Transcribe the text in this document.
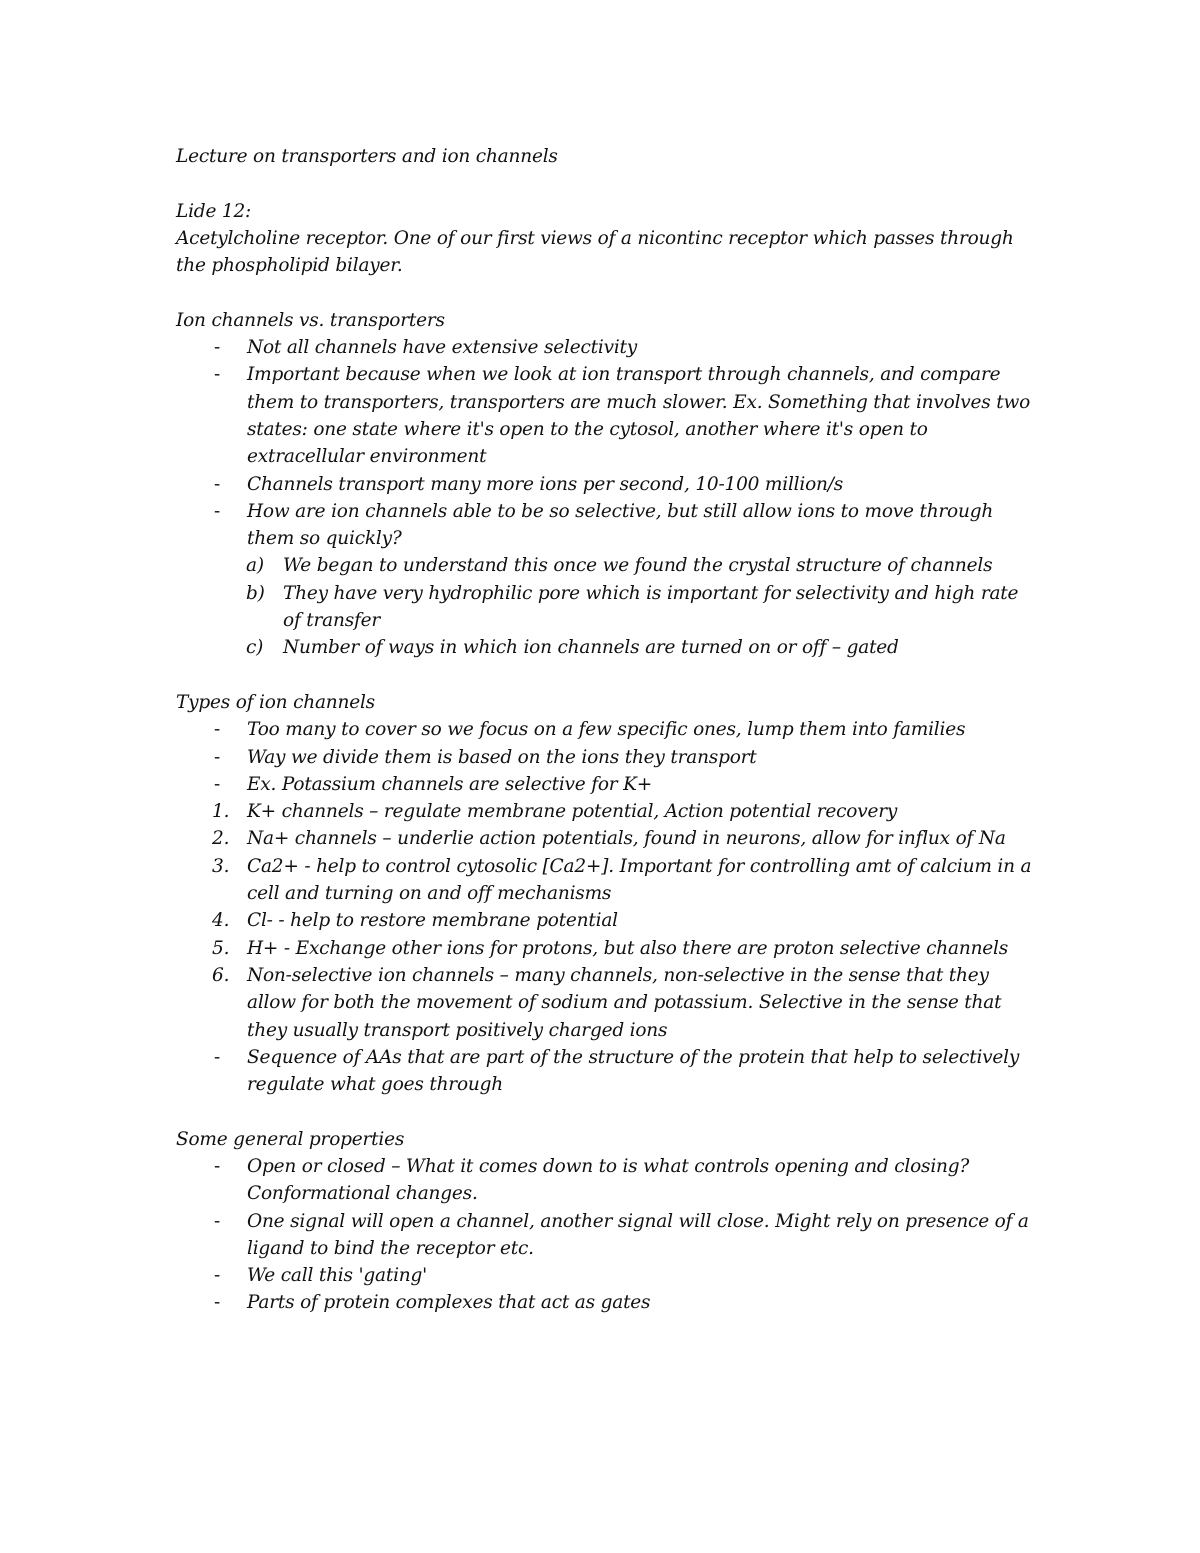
Lecture on transporters and ion channels

Lide 12:

Acetylcholine receptor. One of our first views of a nicontinc receptor which passes through the phospholipid bilayer.

Ion channels vs. transporters

- Not all channels have extensive selectivity
- Important because when we look at ion transport through channels, and compare them to transporters, transporters are much slower. Ex. Something that involves two states: one state where it's open to the cytosol, another where it's open to extracellular environment
- Channels transport many more ions per second, 10-100 million/s
- How are ion channels able to be so selective, but still allow ions to move through them so quickly?
a) We began to understand this once we found the crystal structure of channels
b) They have very hydrophilic pore which is important for selectivity and high rate of transfer
c) Number of ways in which ion channels are turned on or off – gated

Types of ion channels

- Too many to cover so we focus on a few specific ones, lump them into families
- Way we divide them is based on the ions they transport
- Ex. Potassium channels are selective for K+
1. K+ channels – regulate membrane potential, Action potential recovery
2. Na+ channels – underlie action potentials, found in neurons, allow for influx of Na
3. Ca2+ - help to control cytosolic [Ca2+]. Important for controlling amt of calcium in a cell and turning on and off mechanisms
4. Cl- - help to restore membrane potential
5. H+ - Exchange other ions for protons, but also there are proton selective channels
6. Non-selective ion channels – many channels, non-selective in the sense that they allow for both the movement of sodium and potassium. Selective in the sense that they usually transport positively charged ions
- Sequence of AAs that are part of the structure of the protein that help to selectively regulate what goes through

Some general properties

- Open or closed – What it comes down to is what controls opening and closing? Conformational changes.
- One signal will open a channel, another signal will close. Might rely on presence of a ligand to bind the receptor etc.
- We call this 'gating'
- Parts of protein complexes that act as gates
